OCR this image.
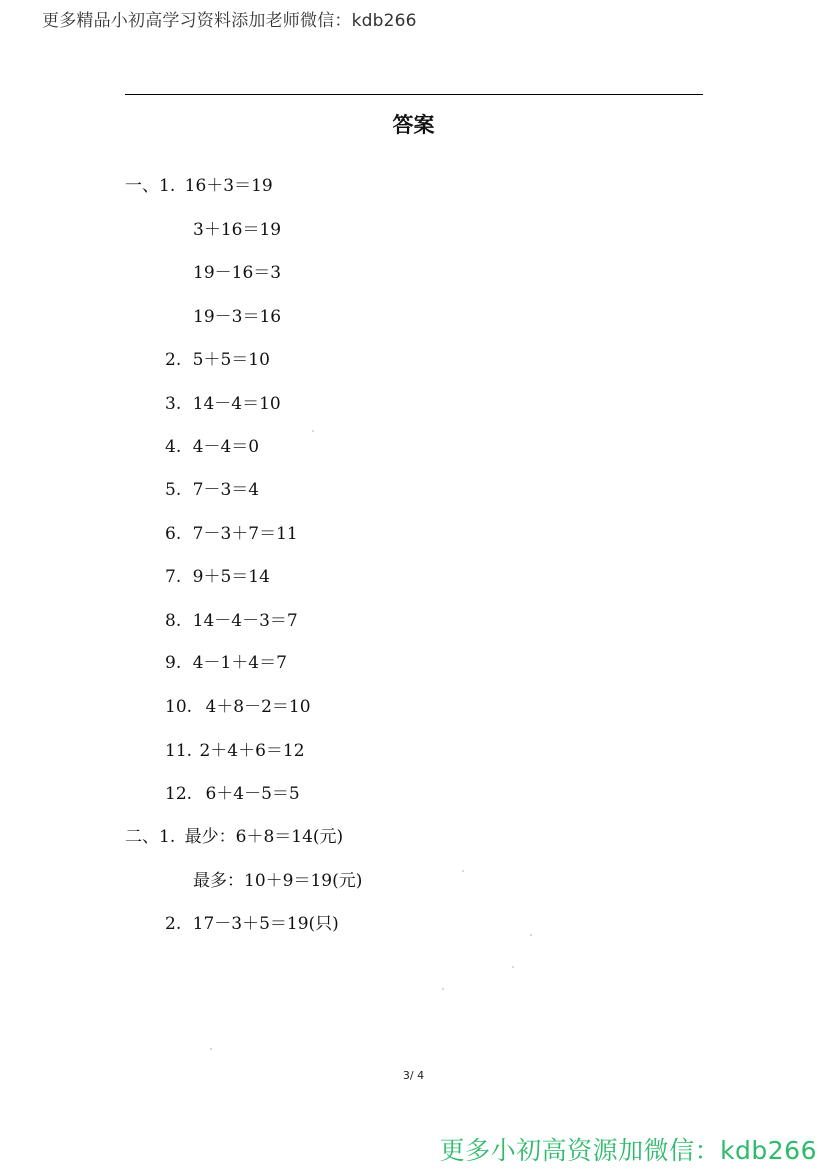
更多精品小初高学习资料添加老师微信：kdb266
答案
一、1. 16＋3＝19
3＋16＝19
19－16＝3
19－3＝16
2. 5＋5＝10
3. 14－4＝10
4. 4－4＝0
5. 7－3＝4
6. 7－3＋7＝11
7. 9＋5＝14
8. 14－4－3＝7
9. 4－1＋4＝7
10. 4＋8－2＝10
11. 2＋4＋6＝12
12. 6＋4－5＝5
二、1. 最少：6＋8＝14(元)
最多：10＋9＝19(元)
2. 17－3＋5＝19(只)
3/ 4
更多小初高资源加微信：kdb266
